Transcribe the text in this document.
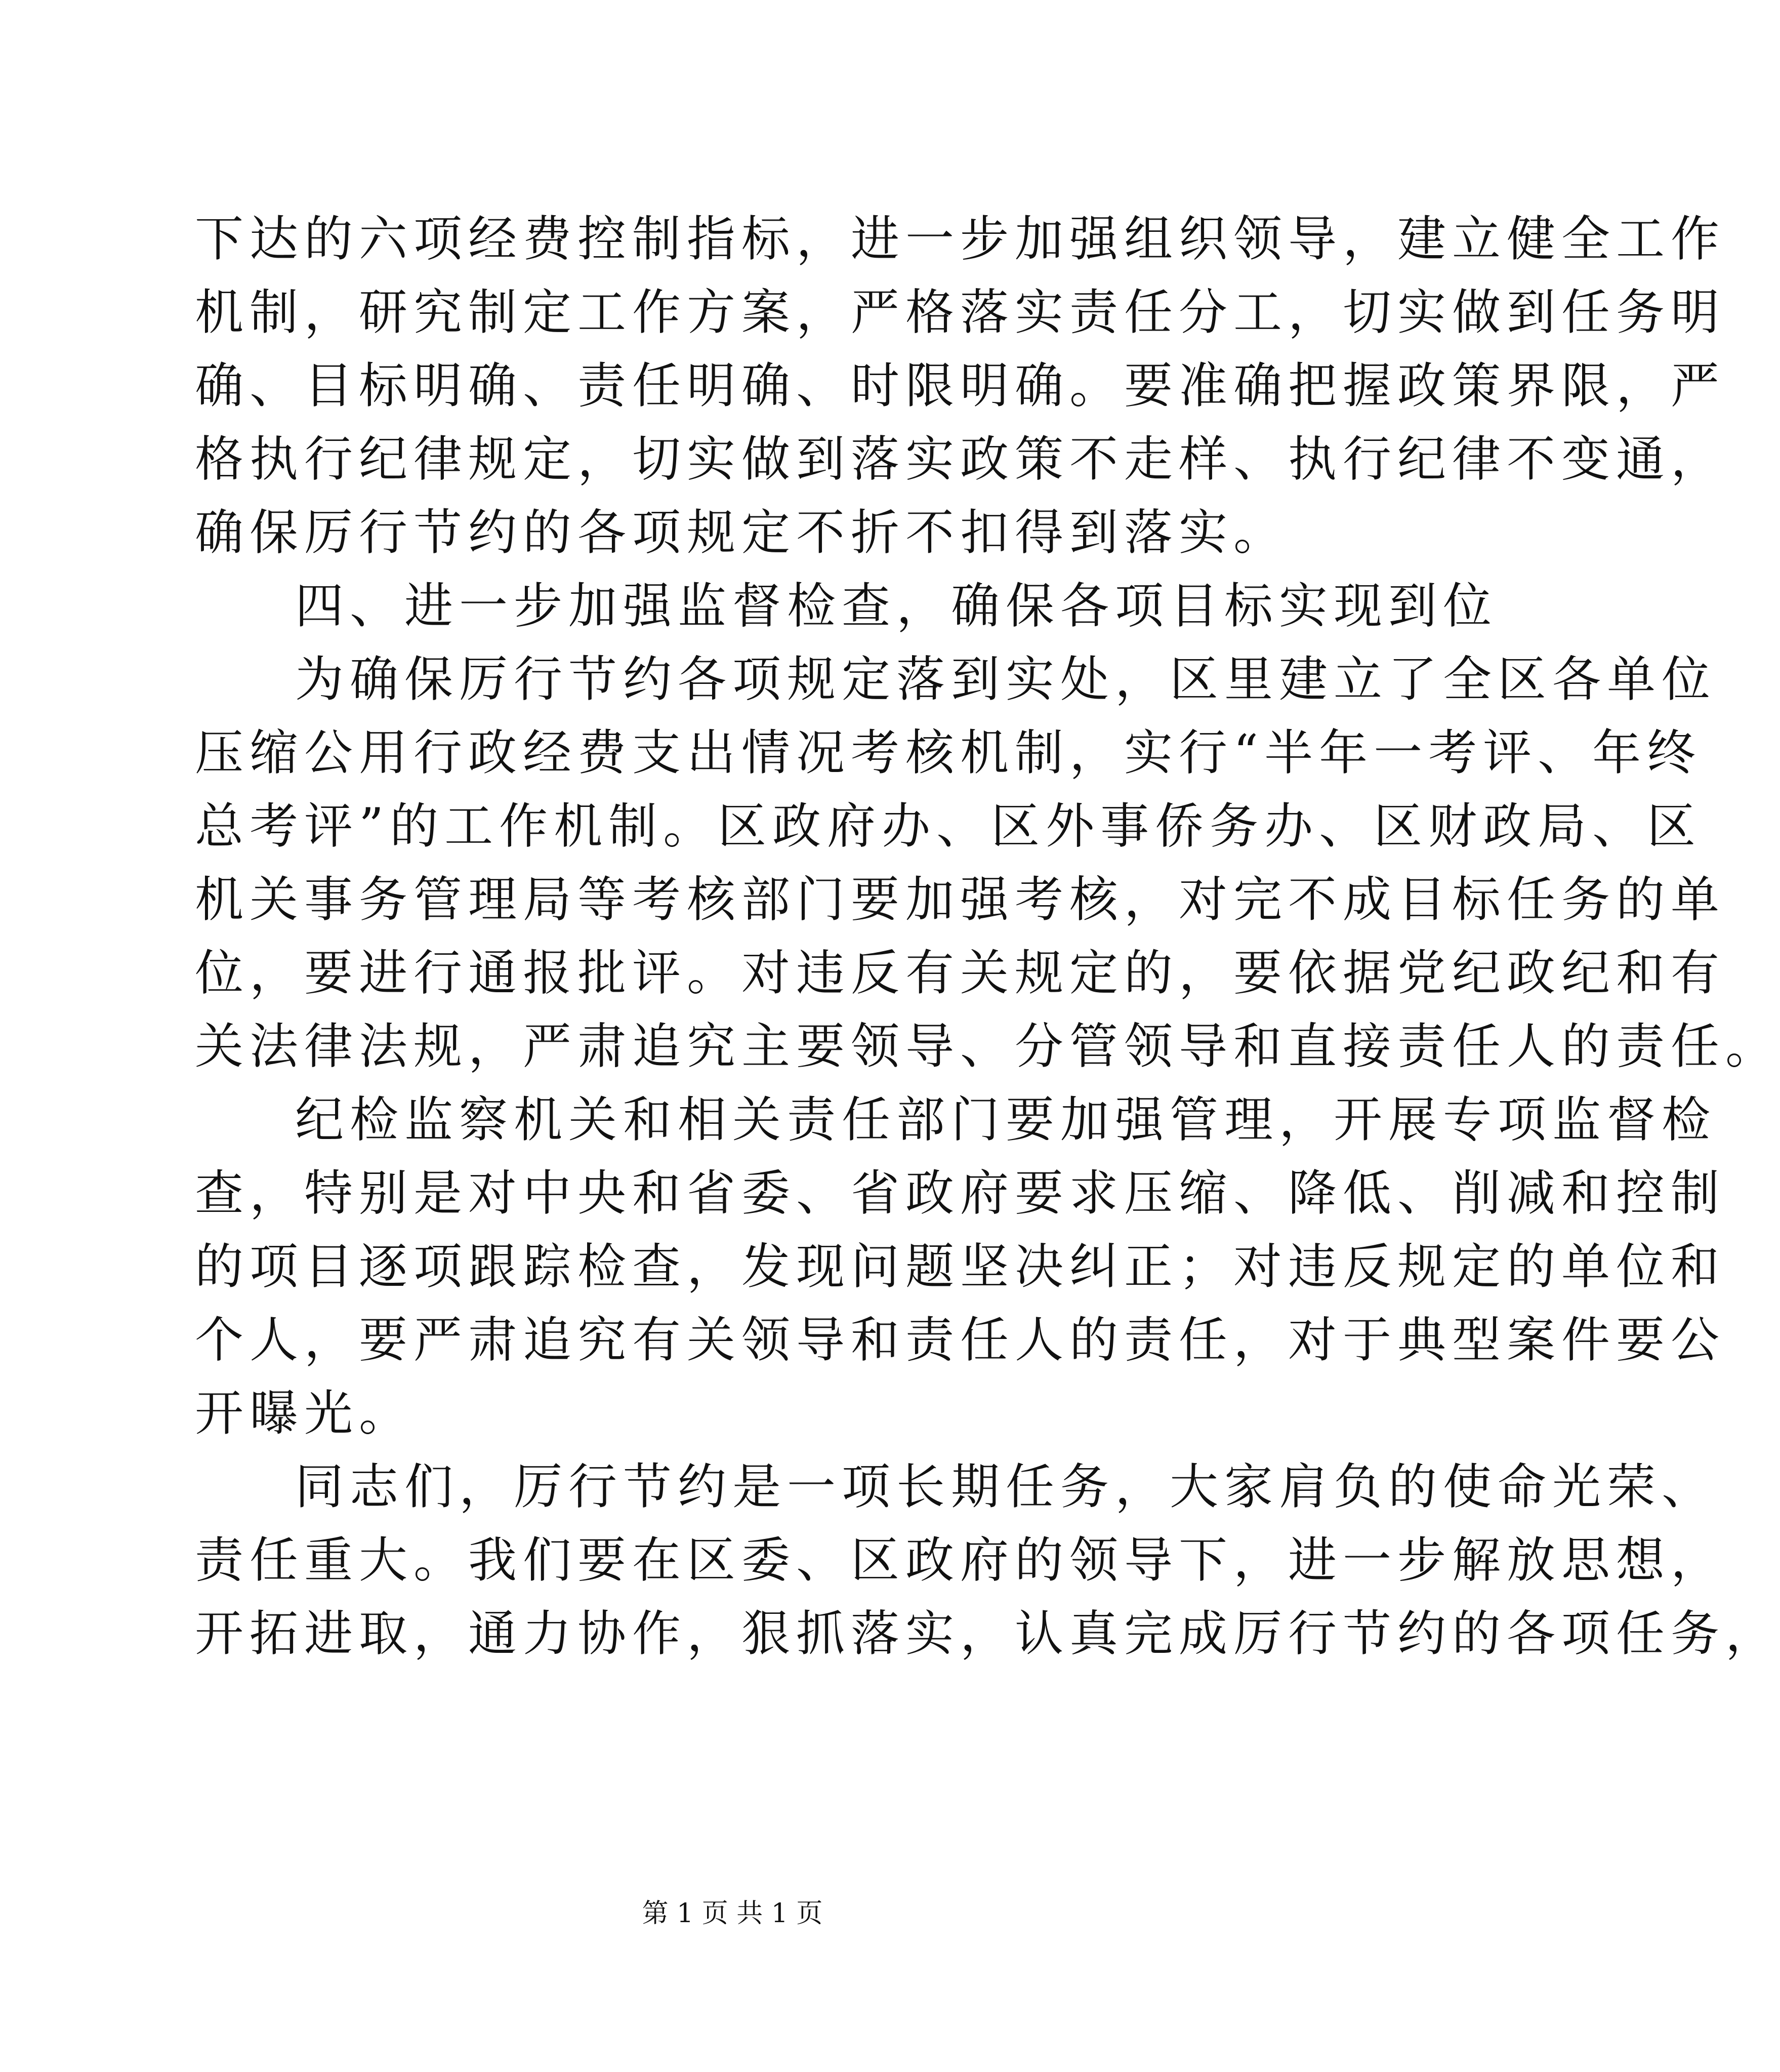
下达的六项经费控制指标，进一步加强组织领导，建立健全工作

机制，研究制定工作方案，严格落实责任分工，切实做到任务明

确、目标明确、责任明确、时限明确。要准确把握政策界限，严

格执行纪律规定，切实做到落实政策不走样、执行纪律不变通，

确保厉行节约的各项规定不折不扣得到落实。

四、进一步加强监督检查，确保各项目标实现到位

为确保厉行节约各项规定落到实处，区里建立了全区各单位

压缩公用行政经费支出情况考核机制，实行“半年一考评、年终

总考评”的工作机制。区政府办、区外事侨务办、区财政局、区

机关事务管理局等考核部门要加强考核，对完不成目标任务的单

位，要进行通报批评。对违反有关规定的，要依据党纪政纪和有

关法律法规，严肃追究主要领导、分管领导和直接责任人的责任。

纪检监察机关和相关责任部门要加强管理，开展专项监督检

查，特别是对中央和省委、省政府要求压缩、降低、削减和控制

的项目逐项跟踪检查，发现问题坚决纠正；对违反规定的单位和

个人，要严肃追究有关领导和责任人的责任，对于典型案件要公

开曝光。

同志们，厉行节约是一项长期任务，大家肩负的使命光荣、

责任重大。我们要在区委、区政府的领导下，进一步解放思想，

开拓进取，通力协作，狠抓落实，认真完成厉行节约的各项任务，

第 1 页 共 1 页
